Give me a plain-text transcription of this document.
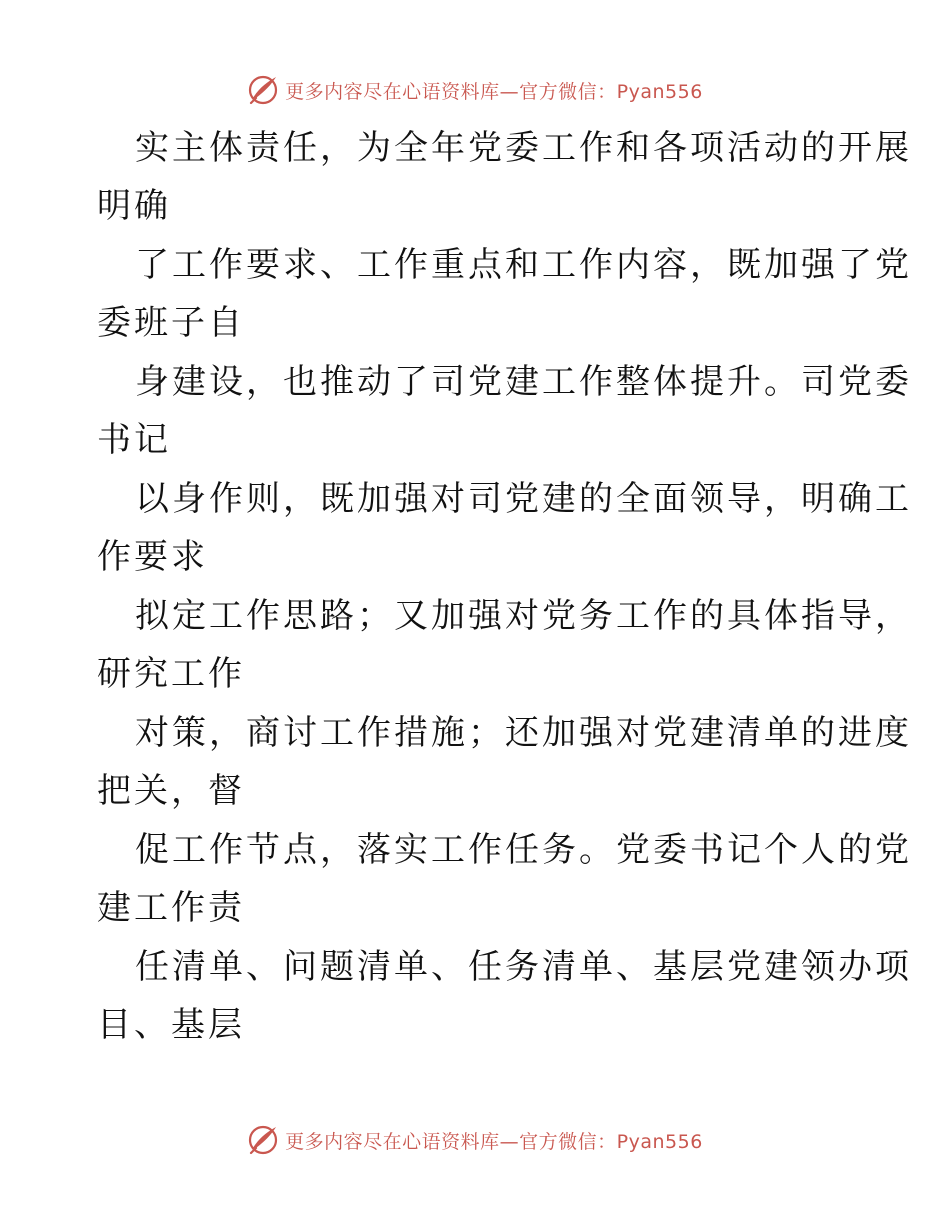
更多内容尽在心语资料库—官方微信：Pyan556
实主体责任，为全年党委工作和各项活动的开展
明确
了工作要求、工作重点和工作内容，既加强了党
委班子自
身建设，也推动了司党建工作整体提升。司党委
书记
以身作则，既加强对司党建的全面领导，明确工
作要求
拟定工作思路；又加强对党务工作的具体指导，
研究工作
对策，商讨工作措施；还加强对党建清单的进度
把关，督
促工作节点，落实工作任务。党委书记个人的党
建工作责
任清单、问题清单、任务清单、基层党建领办项
目、基层
更多内容尽在心语资料库—官方微信：Pyan556
